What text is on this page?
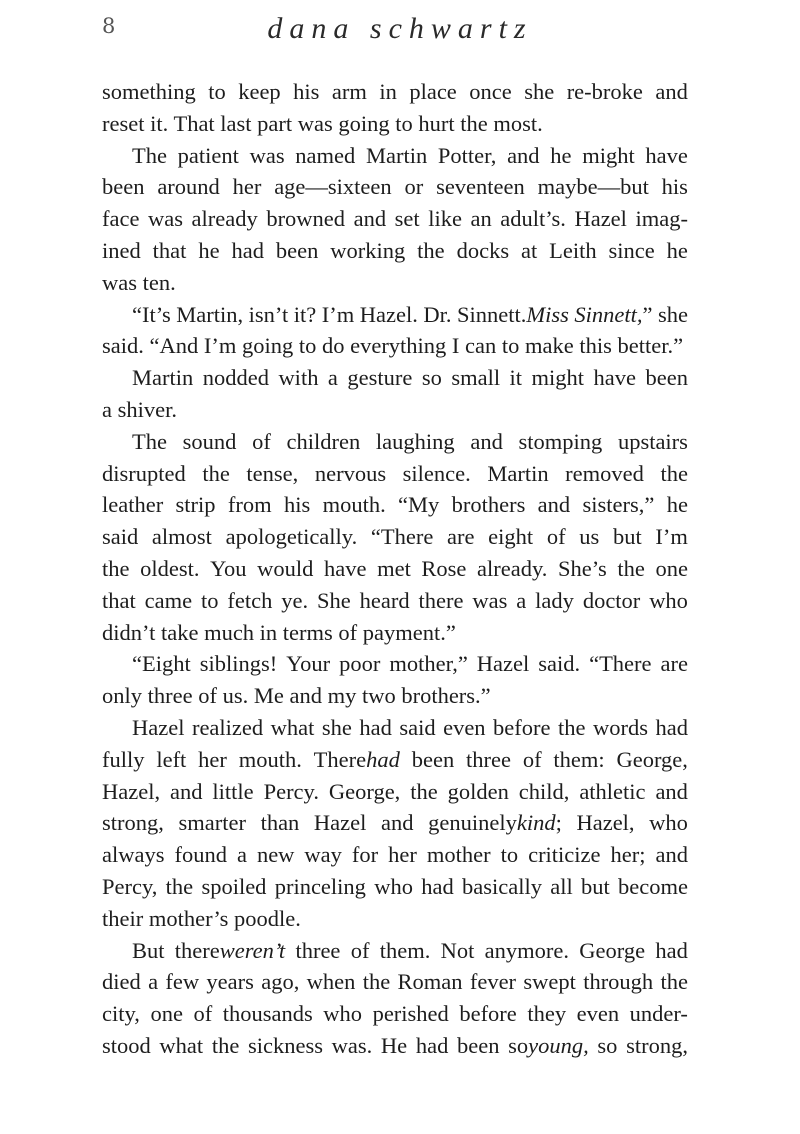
8	dana schwartz
something to keep his arm in place once she re-broke and
reset it. That last part was going to hurt the most.
The patient was named Martin Potter, and he might have
been around her age—sixteen or seventeen maybe—but his
face was already browned and set like an adult’s. Hazel imag-
ined that he had been working the docks at Leith since he
was ten.
“It’s Martin, isn’t it? I’m Hazel. Dr. Sinnett.Miss Sinnett,” she
said. “And I’m going to do everything I can to make this better.”
Martin nodded with a gesture so small it might have been
a shiver.
The sound of children laughing and stomping upstairs
disrupted the tense, nervous silence. Martin removed the
leather strip from his mouth. “My brothers and sisters,” he
said almost apologetically. “There are eight of us but I’m
the oldest. You would have met Rose already. She’s the one
that came to fetch ye. She heard there was a lady doctor who
didn’t take much in terms of payment.”
“Eight siblings! Your poor mother,” Hazel said. “There are
only three of us. Me and my two brothers.”
Hazel realized what she had said even before the words had
fully left her mouth. Therehad been three of them: George,
Hazel, and little Percy. George, the golden child, athletic and
strong, smarter than Hazel and genuinelykind; Hazel, who
always found a new way for her mother to criticize her; and
Percy, the spoiled princeling who had basically all but become
their mother’s poodle.
But thereweren’t three of them. Not anymore. George had
died a few years ago, when the Roman fever swept through the
city, one of thousands who perished before they even under-
stood what the sickness was. He had been soyoung, so strong,
